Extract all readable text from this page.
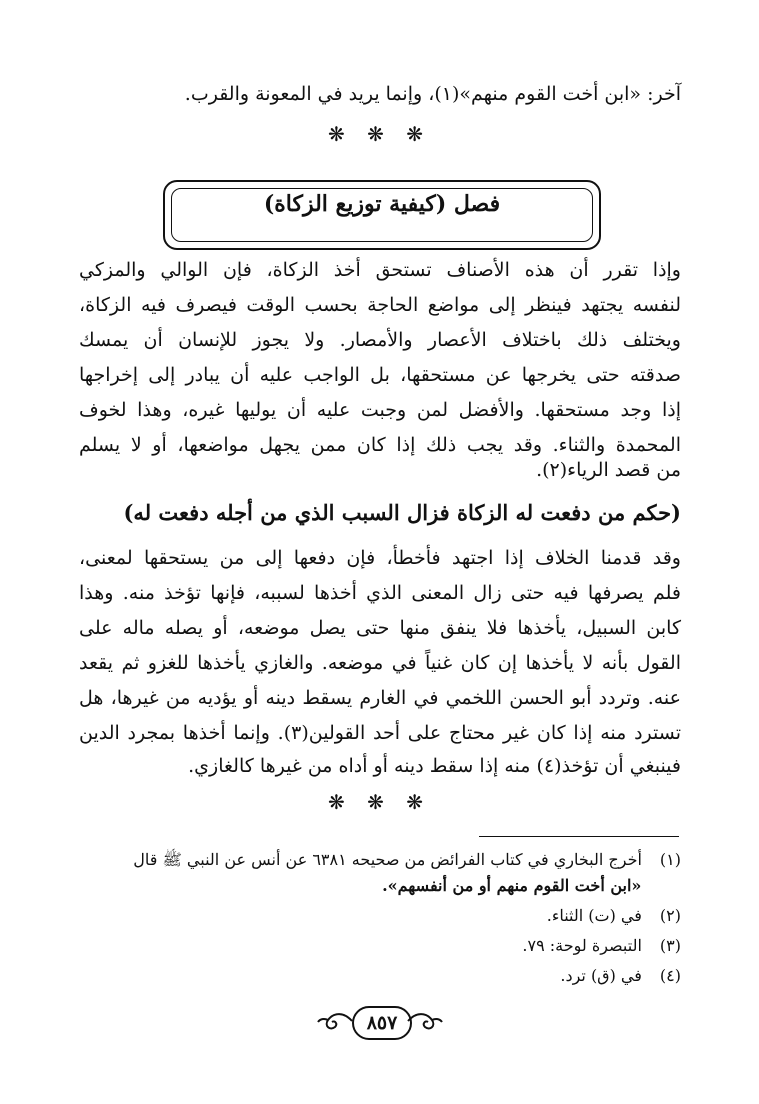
آخر: «ابن أخت القوم منهم»(١)، وإنما يريد في المعونة والقرب.
❋ ❋ ❋
فصل (كيفية توزيع الزكاة)
وإذا تقرر أن هذه الأصناف تستحق أخذ الزكاة، فإن الوالي والمزكي
لنفسه يجتهد فينظر إلى مواضع الحاجة بحسب الوقت فيصرف فيه الزكاة،
ويختلف ذلك باختلاف الأعصار والأمصار. ولا يجوز للإنسان أن يمسك
صدقته حتى يخرجها عن مستحقها، بل الواجب عليه أن يبادر إلى إخراجها
إذا وجد مستحقها. والأفضل لمن وجبت عليه أن يوليها غيره، وهذا لخوف
المحمدة والثناء. وقد يجب ذلك إذا كان ممن يجهل مواضعها، أو لا يسلم
من قصد الرياء(٢).
(حكم من دفعت له الزكاة فزال السبب الذي من أجله دفعت له)
وقد قدمنا الخلاف إذا اجتهد فأخطأ، فإن دفعها إلى من يستحقها لمعنى،
فلم يصرفها فيه حتى زال المعنى الذي أخذها لسببه، فإنها تؤخذ منه. وهذا
كابن السبيل، يأخذها فلا ينفق منها حتى يصل موضعه، أو يصله ماله على
القول بأنه لا يأخذها إن كان غنياً في موضعه. والغازي يأخذها للغزو ثم يقعد
عنه. وتردد أبو الحسن اللخمي في الغارم يسقط دينه أو يؤديه من غيرها، هل
تسترد منه إذا كان غير محتاج على أحد القولين(٣). وإنما أخذها بمجرد الدين
فينبغي أن تؤخذ(٤) منه إذا سقط دينه أو أداه من غيرها كالغازي.
❋ ❋ ❋
(١) أخرج البخاري في كتاب الفرائض من صحيحه ٦٣٨١ عن أنس عن النبي ﷺ قال
«ابن أخت القوم منهم أو من أنفسهم».
(٢) في (ت) الثناء.
(٣) التبصرة لوحة: ٧٩.
(٤) في (ق) ترد.
٨٥٧
